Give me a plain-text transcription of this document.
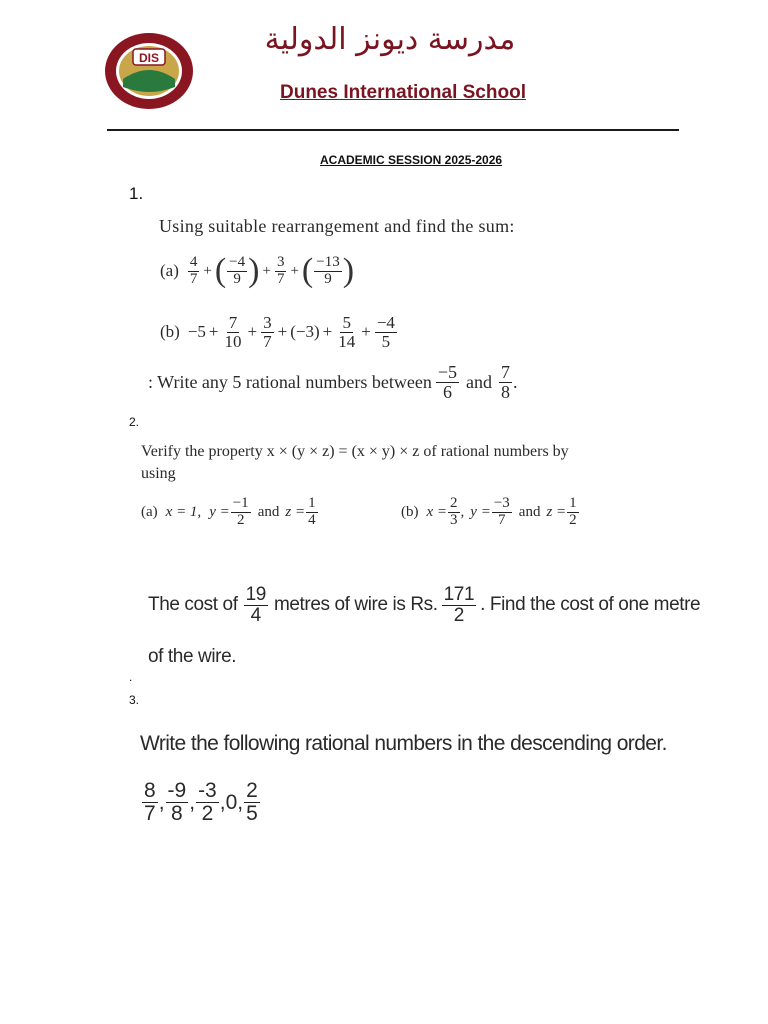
DIS
مدرسة ديونز الدولية
Dunes International School
ACADEMIC SESSION 2025-2026
1.
Using suitable rearrangement and find the sum:
$(a) \frac{4}{7}$ + ( $\frac{-4}{9}$ ) + $\frac{3}{7}$ + ( $\frac{-13}{9}$ )
$(b) -5 + \frac{7}{10} + \frac{3}{7} + (-3) + \frac{5}{14} + \frac{-4}{5}$
: Write any 5 rational numbers between $\frac{-5}{6}$ and $\frac{7}{8}$ .
2.
Verify the property x × (y × z) = (x × y) × z of rational numbers by
using
(a) x = 1, $y = \frac{-1}{2}$ and $z = \frac{1}{4}$	(b) $x = \frac{2}{3}$ , $y = \frac{-3}{7}$ and $z = \frac{1}{2}$
The cost of $\frac{19}{4}$ metres of wire is Rs. $\frac{171}{2}$ . Find the cost of one metre
of the wire.
.
3.
Write the following rational numbers in the descending order.
$\frac{8}{7}$ , $\frac{-9}{8}$ , $\frac{-3}{2}$ , 0 , $\frac{2}{5}$
